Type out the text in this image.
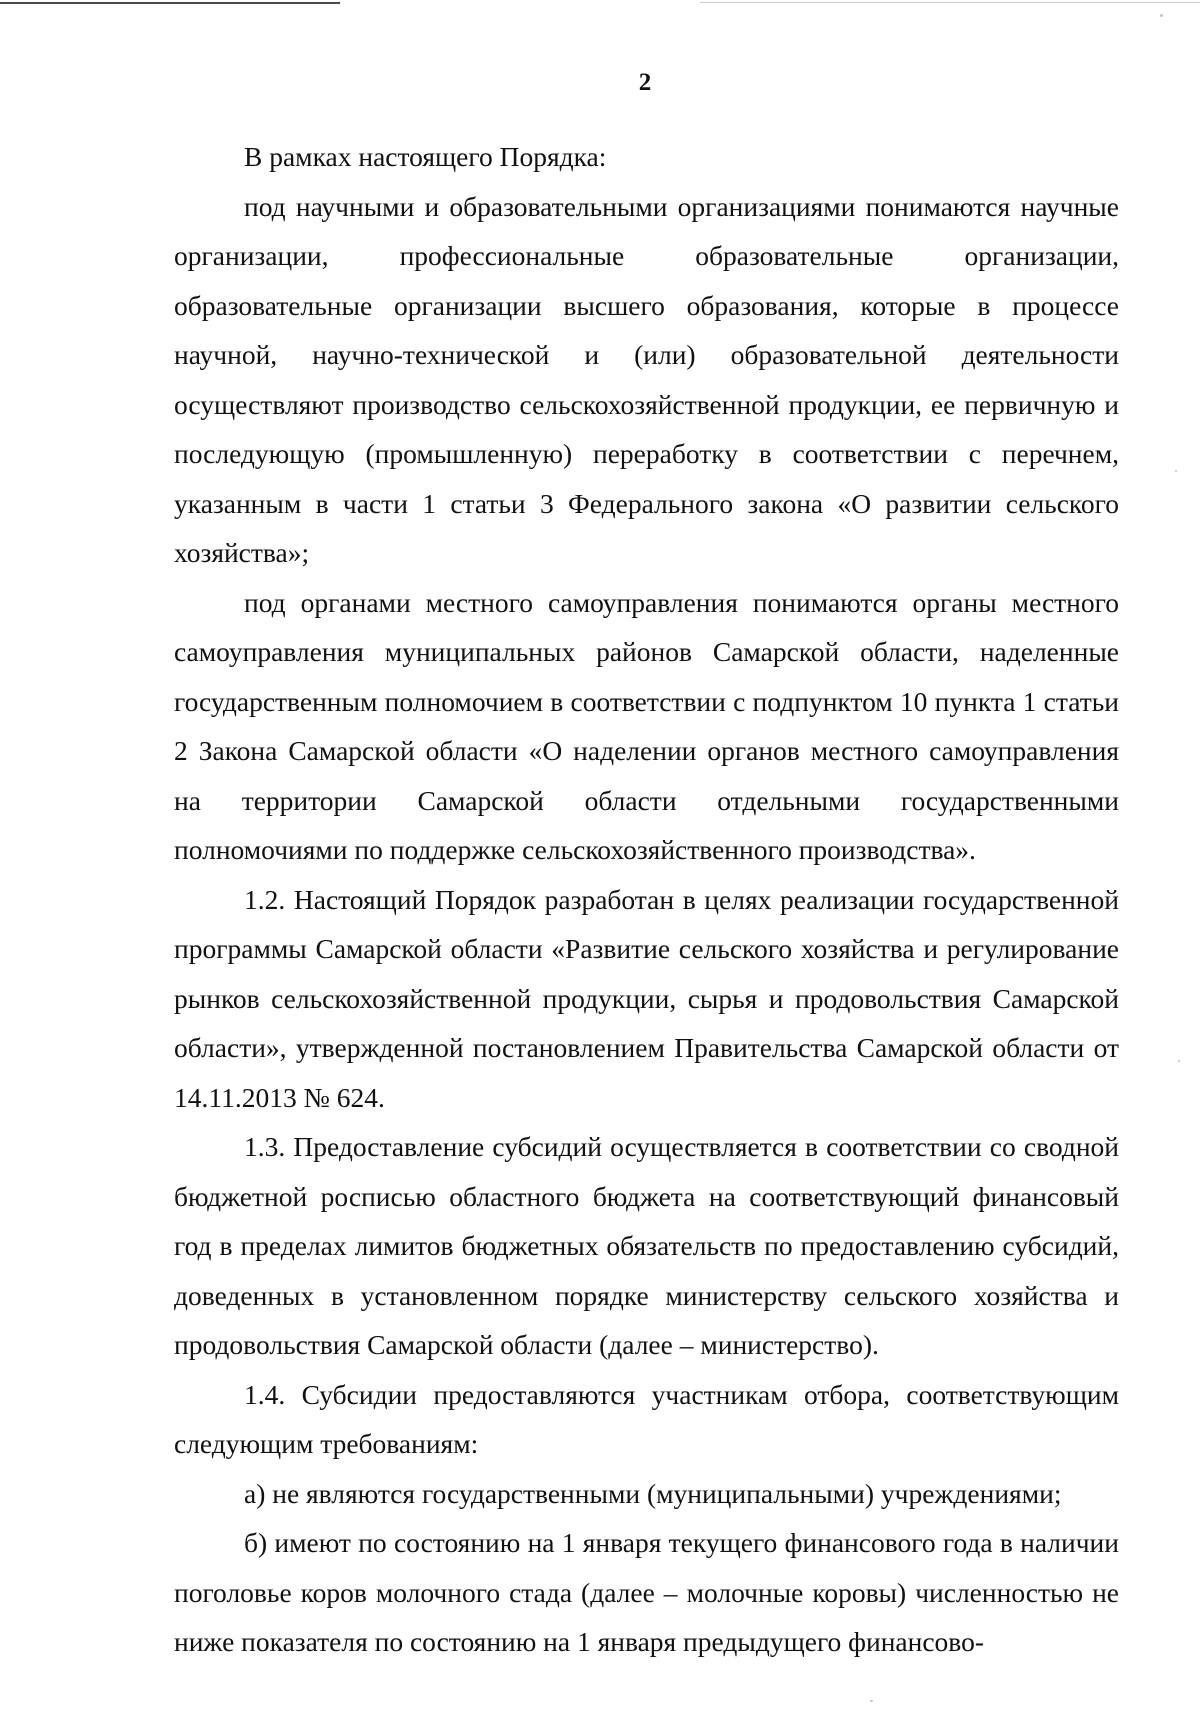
2

В рамках настоящего Порядка:

под научными и образовательными организациями понимаются научные организации, профессиональные образовательные организации, образовательные организации высшего образования, которые в процессе научной, научно-технической и (или) образовательной деятельности осуществляют производство сельскохозяйственной продукции, ее первичную и последующую (промышленную) переработку в соответствии с перечнем, указанным в части 1 статьи 3 Федерального закона «О развитии сельского хозяйства»;

под органами местного самоуправления понимаются органы местного самоуправления муниципальных районов Самарской области, наделенные государственным полномочием в соответствии с подпунктом 10 пункта 1 статьи 2 Закона Самарской области «О наделении органов местного самоуправления на территории Самарской области отдельными государственными полномочиями по поддержке сельскохозяйственного производства».

1.2. Настоящий Порядок разработан в целях реализации государственной программы Самарской области «Развитие сельского хозяйства и регулирование рынков сельскохозяйственной продукции, сырья и продовольствия Самарской области», утвержденной постановлением Правительства Самарской области от 14.11.2013 № 624.

1.3. Предоставление субсидий осуществляется в соответствии со сводной бюджетной росписью областного бюджета на соответствующий финансовый год в пределах лимитов бюджетных обязательств по предоставлению субсидий, доведенных в установленном порядке министерству сельского хозяйства и продовольствия Самарской области (далее – министерство).

1.4. Субсидии предоставляются участникам отбора, соответствующим следующим требованиям:

а) не являются государственными (муниципальными) учреждениями;

б) имеют по состоянию на 1 января текущего финансового года в наличии поголовье коров молочного стада (далее – молочные коровы) численностью не ниже показателя по состоянию на 1 января предыдущего финансово-
